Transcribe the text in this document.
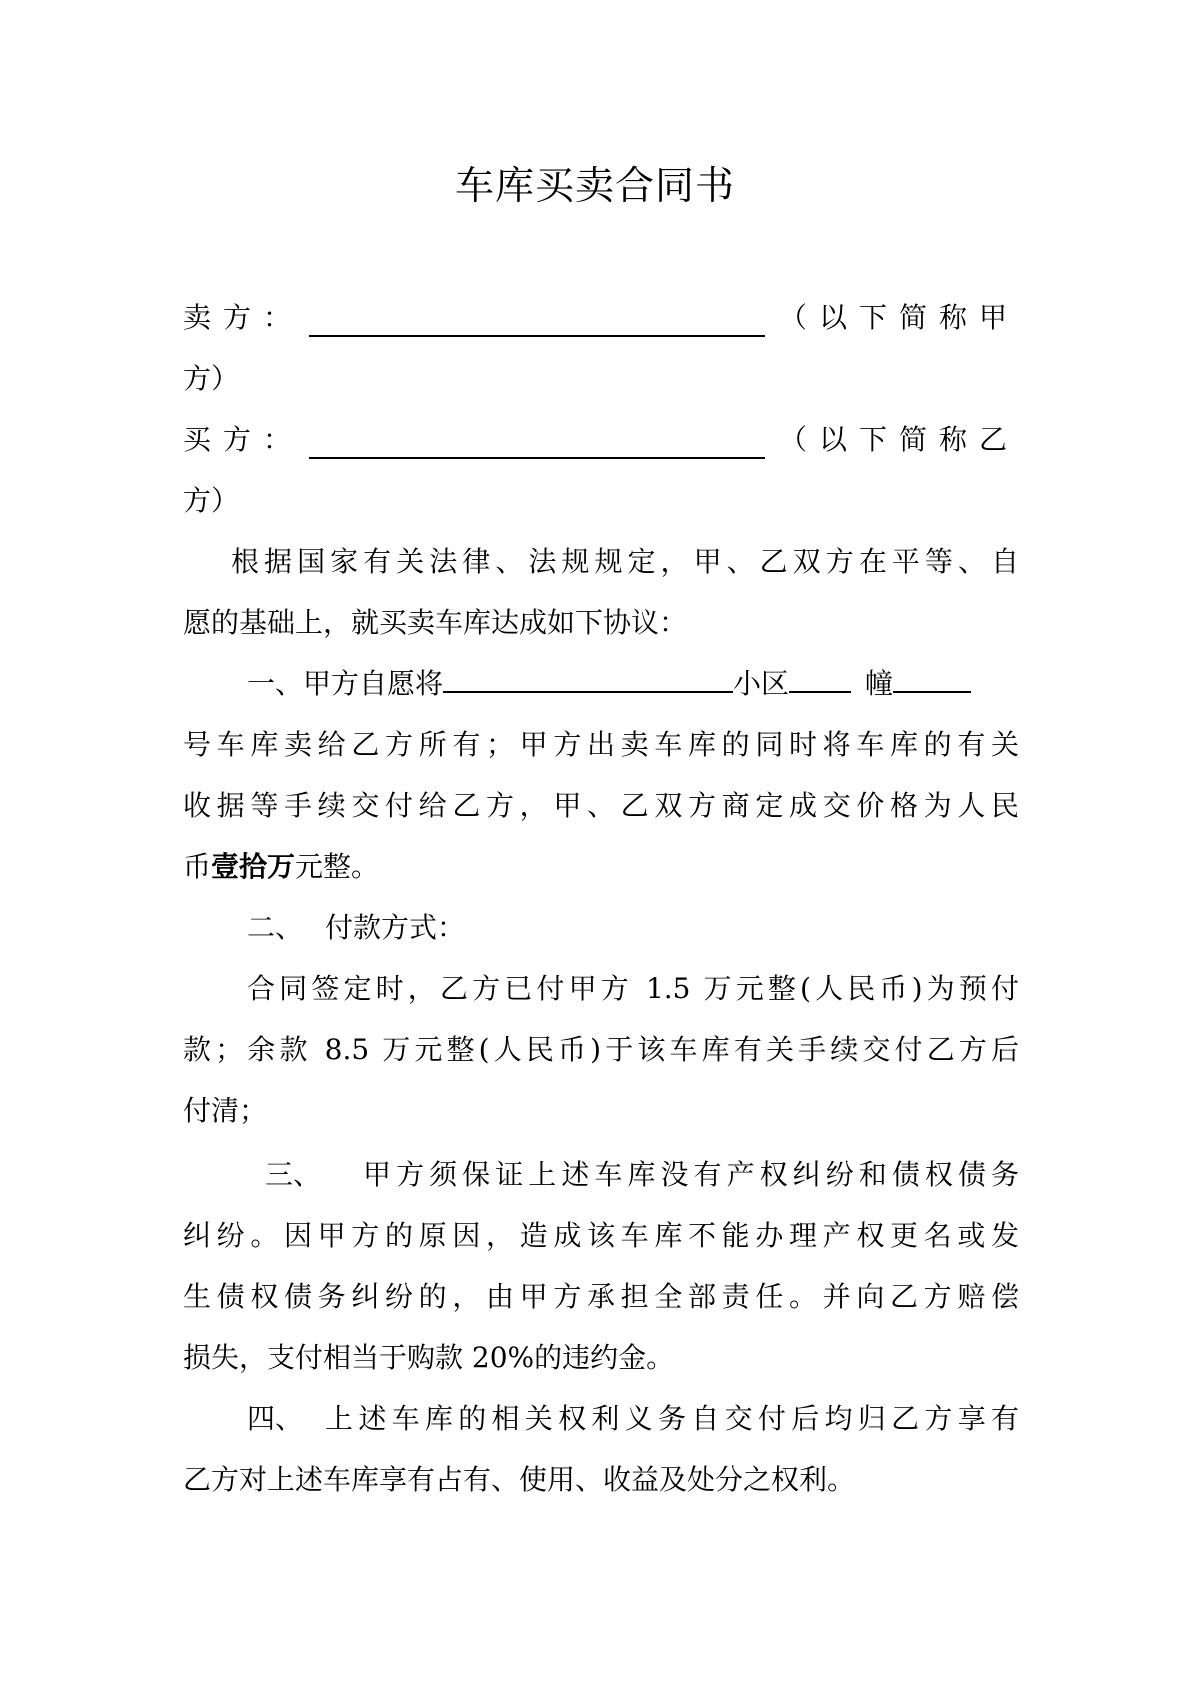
车库买卖合同书
卖方：	（以下简称甲
方）
买方：	（以下简称乙
方）
根据国家有关法律、法规规定，甲、乙双方在平等、自
愿的基础上，就买卖车库达成如下协议：
一、甲方自愿将	小区	幢
号车库卖给乙方所有；甲方出卖车库的同时将车库的有关
收据等手续交付给乙方，甲、乙双方商定成交价格为人民
币壹拾万元整。
二、 付款方式：
合同签定时，乙方已付甲方 1.5 万元整(人民币)为预付
款；余款 8.5 万元整(人民币)于该车库有关手续交付乙方后
付清；
三、 甲方须保证上述车库没有产权纠纷和债权债务
纠纷。因甲方的原因，造成该车库不能办理产权更名或发
生债权债务纠纷的，由甲方承担全部责任。并向乙方赔偿
损失，支付相当于购款 20%的违约金。
四、 上述车库的相关权利义务自交付后均归乙方享有
乙方对上述车库享有占有、使用、收益及处分之权利。
